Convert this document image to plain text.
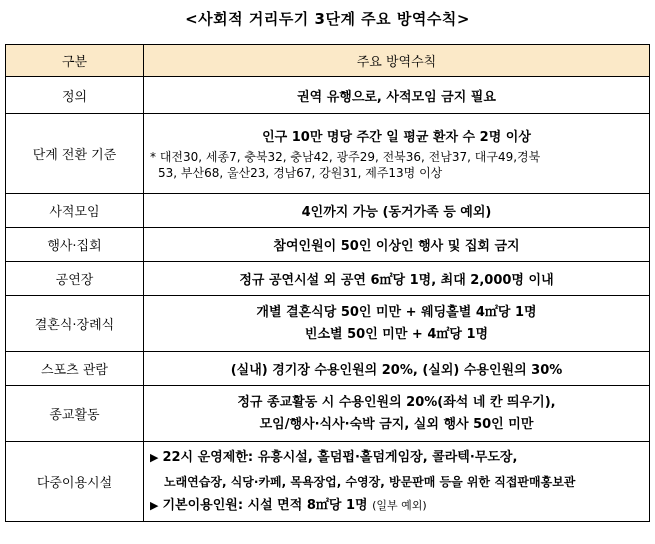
<사회적 거리두기 3단계 주요 방역수칙>
구분	주요 방역수칙
정의	권역 유행으로, 사적모임 금지 필요
단계 전환 기준	인구 10만 명당 주간 일 평균 환자 수 2명 이상
* 대전30, 세종7, 충북32, 충남42, 광주29, 전북36, 전남37, 대구49,경북
53, 부산68, 울산23, 경남67, 강원31, 제주13명 이상

사적모임	4인까지 가능 (동거가족 등 예외)
행사·집회	참여인원이 50인 이상인 행사 및 집회 금지
공연장	정규 공연시설 외 공연 6㎡당 1명, 최대 2,000명 이내
결혼식·장례식	개별 결혼식당 50인 미만 + 웨딩홀별 4㎡당 1명
빈소별 50인 미만 + 4㎡당 1명

스포츠 관람	(실내) 경기장 수용인원의 20%, (실외) 수용인원의 30%
종교활동	정규 종교활동 시 수용인원의 20%(좌석 네 칸 띄우기),
모임/행사·식사·숙박 금지, 실외 행사 50인 미만

다중이용시설	▶ 22시 운영제한: 유흥시설, 홀덤펍·홀덤게임장, 콜라텍·무도장,
노래연습장, 식당·카페, 목욕장업, 수영장, 방문판매 등을 위한 직접판매홍보관
▶ 기본이용인원: 시설 면적 8㎡당 1명 (일부 예외)
